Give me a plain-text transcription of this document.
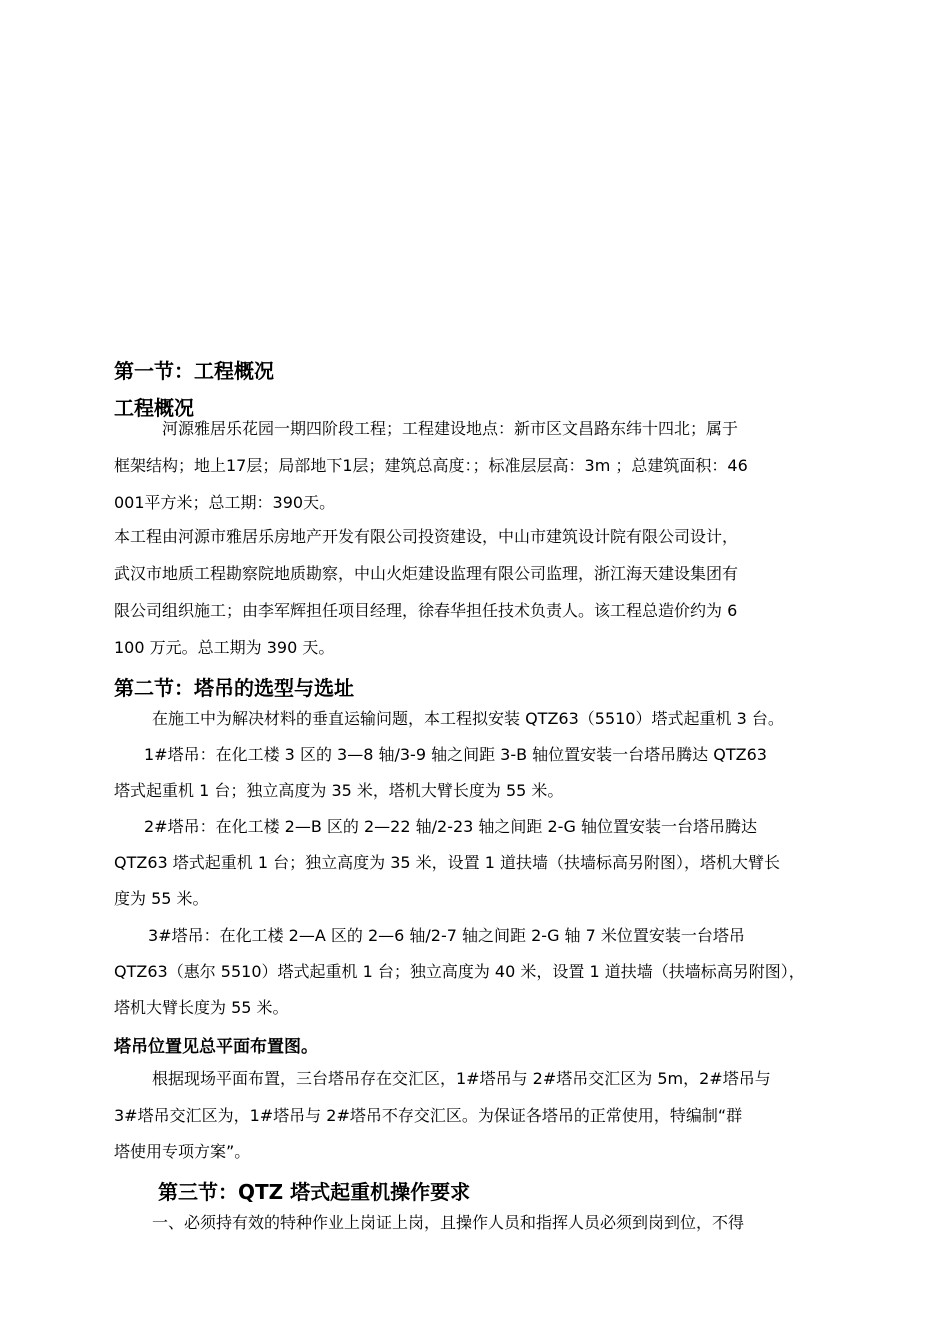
第一节：工程概况
工程概况
河源雅居乐花园一期四阶段工程；工程建设地点：新市区文昌路东纬十四北；属于
框架结构；地上17层；局部地下1层；建筑总高度：；标准层层高：3m ；总建筑面积：46
001平方米；总工期：390天。
本工程由河源市雅居乐房地产开发有限公司投资建设，中山市建筑设计院有限公司设计，
武汉市地质工程勘察院地质勘察，中山火炬建设监理有限公司监理，浙江海天建设集团有
限公司组织施工；由李军辉担任项目经理，徐春华担任技术负责人。该工程总造价约为 6
100 万元。总工期为 390 天。
第二节：塔吊的选型与选址
在施工中为解决材料的垂直运输问题，本工程拟安装 QTZ63（5510）塔式起重机 3 台。
1#塔吊：在化工楼 3 区的 3—8 轴/3-9 轴之间距 3-B 轴位置安装一台塔吊腾达 QTZ63
塔式起重机 1 台；独立高度为 35 米，塔机大臂长度为 55 米。
2#塔吊：在化工楼 2—B 区的 2—22 轴/2-23 轴之间距 2-G 轴位置安装一台塔吊腾达
QTZ63 塔式起重机 1 台；独立高度为 35 米，设置 1 道扶墙（扶墙标高另附图），塔机大臂长
度为 55 米。
3#塔吊：在化工楼 2—A 区的 2—6 轴/2-7 轴之间距 2-G 轴 7 米位置安装一台塔吊
QTZ63（惠尔 5510）塔式起重机 1 台；独立高度为 40 米，设置 1 道扶墙（扶墙标高另附图），
塔机大臂长度为 55 米。
塔吊位置见总平面布置图。
根据现场平面布置，三台塔吊存在交汇区，1#塔吊与 2#塔吊交汇区为 5m，2#塔吊与
3#塔吊交汇区为，1#塔吊与 2#塔吊不存交汇区。为保证各塔吊的正常使用，特编制“群
塔使用专项方案”。
第三节：QTZ 塔式起重机操作要求
一、必须持有效的特种作业上岗证上岗，且操作人员和指挥人员必须到岗到位，不得
